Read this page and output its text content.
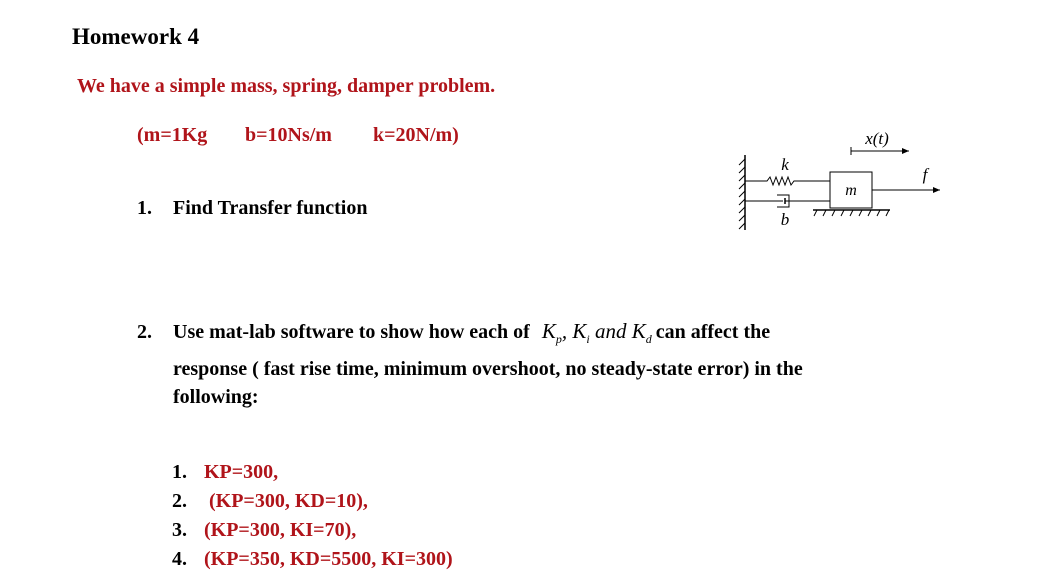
Homework 4
We have a simple mass, spring, damper problem.
(m=1Kg b=10Ns/m k=20N/m)
1. Find Transfer function
2. Use mat-lab software to show how each of $K_p$, $K_i$ and $K_d$ can affect the
response ( fast rise time, minimum overshoot, no steady-state error) in the
following:
1. KP=300,
2. (KP=300, KD=10),
3. (KP=300, KI=70),
4. (KP=350, KD=5500, KI=300)
k
b
m
x(t)
f
